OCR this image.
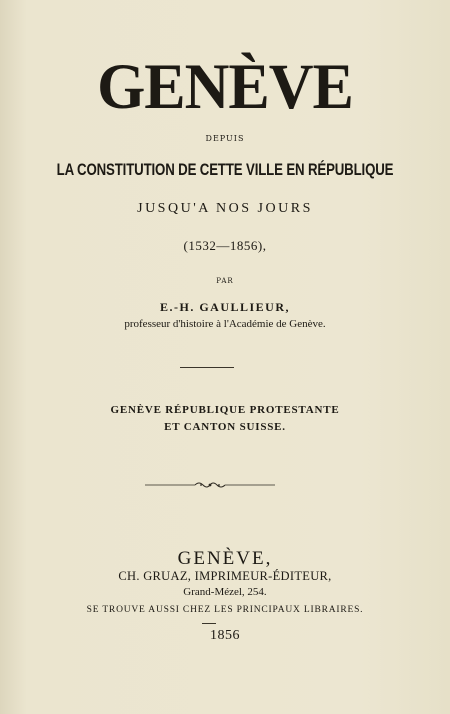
GENÈVE
DEPUIS
LA CONSTITUTION DE CETTE VILLE EN RÉPUBLIQUE
JUSQU'A NOS JOURS
(1532—1856),
PAR
E.-H. GAULLIEUR,
professeur d'histoire à l'Académie de Genève.
GENÈVE RÉPUBLIQUE PROTESTANTE
ET CANTON SUISSE.
GENÈVE,
CH. GRUAZ, IMPRIMEUR-ÉDITEUR,
Grand-Mézel, 254.
SE TROUVE AUSSI CHEZ LES PRINCIPAUX LIBRAIRES.
1856
